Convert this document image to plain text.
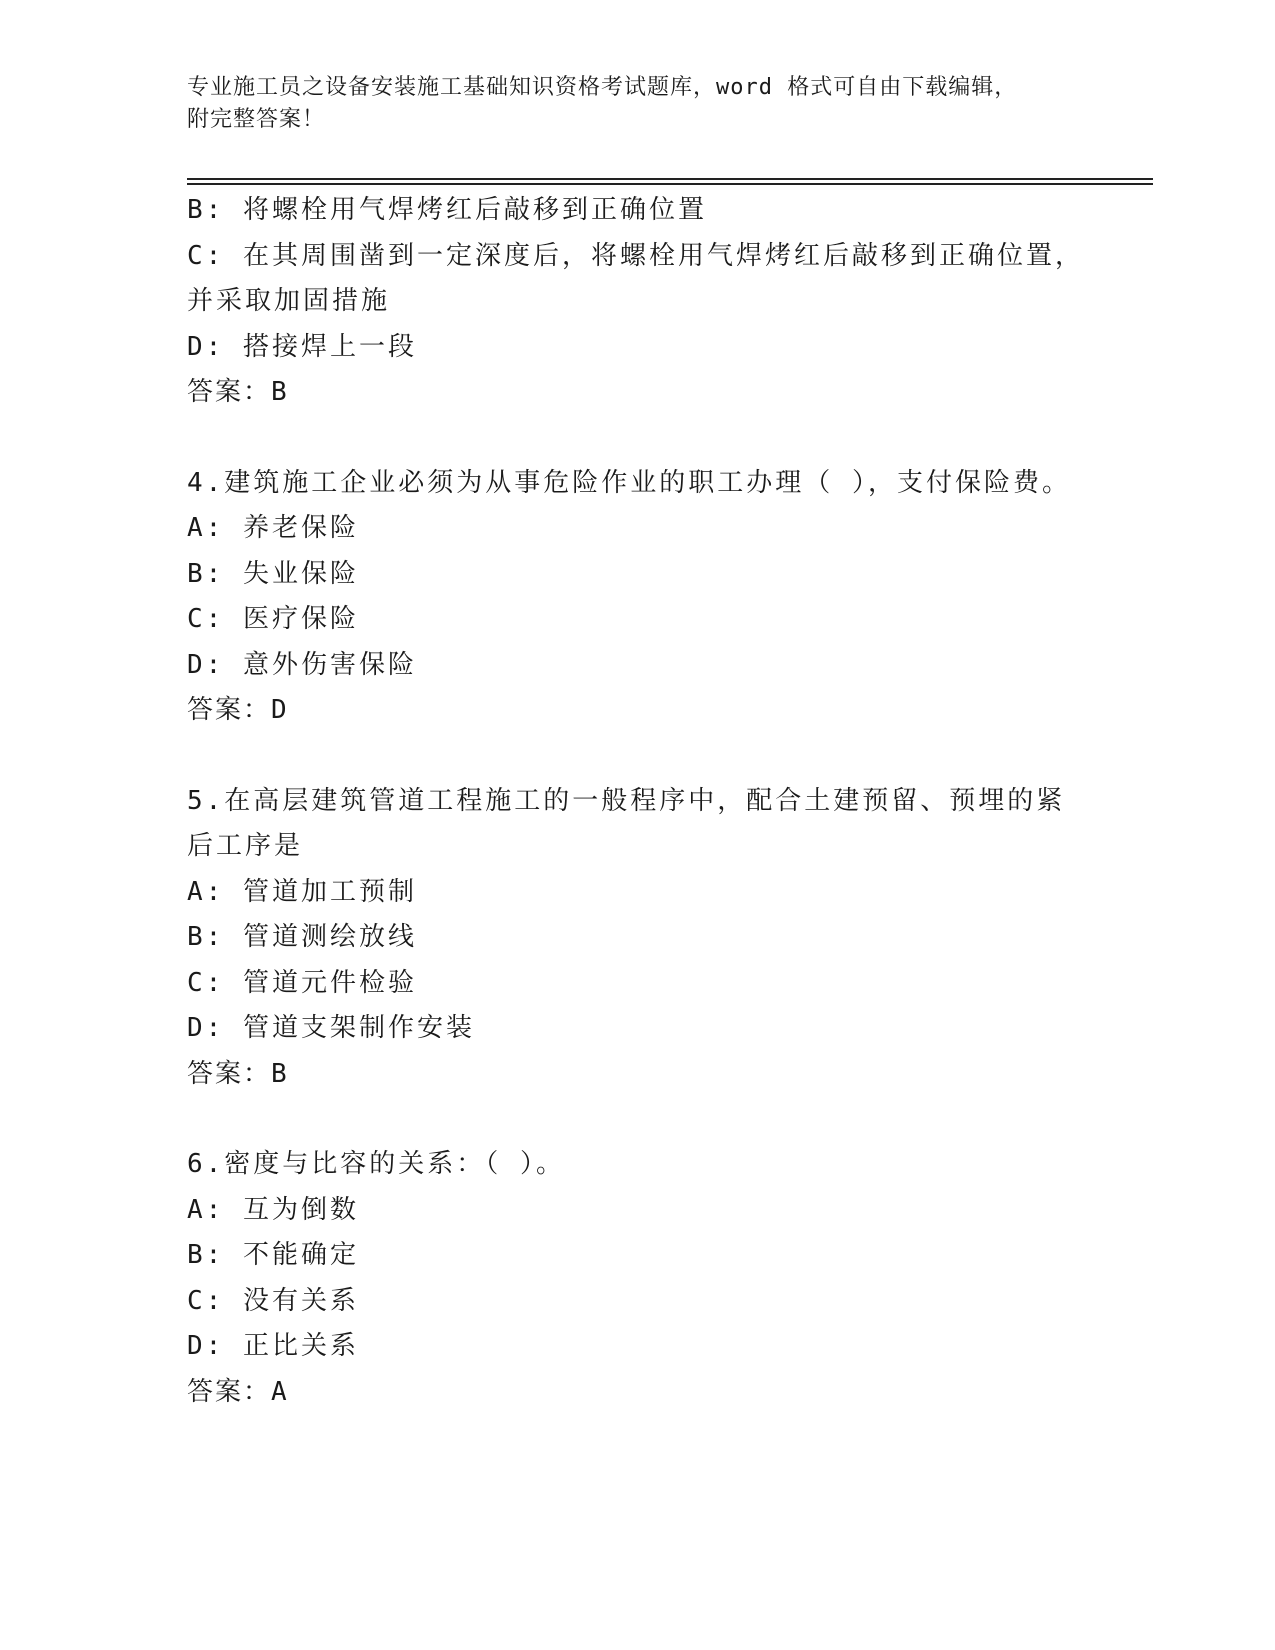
专业施工员之设备安装施工基础知识资格考试题库，word 格式可自由下载编辑，
附完整答案！
B: 将螺栓用气焊烤红后敲移到正确位置
C: 在其周围凿到一定深度后，将螺栓用气焊烤红后敲移到正确位置，
并采取加固措施
D: 搭接焊上一段
答案：B
4.建筑施工企业必须为从事危险作业的职工办理（ ），支付保险费。
A: 养老保险
B: 失业保险
C: 医疗保险
D: 意外伤害保险
答案：D
5.在高层建筑管道工程施工的一般程序中，配合土建预留、预埋的紧
后工序是
A: 管道加工预制
B: 管道测绘放线
C: 管道元件检验
D: 管道支架制作安装
答案：B
6.密度与比容的关系：（ ）。
A: 互为倒数
B: 不能确定
C: 没有关系
D: 正比关系
答案：A
